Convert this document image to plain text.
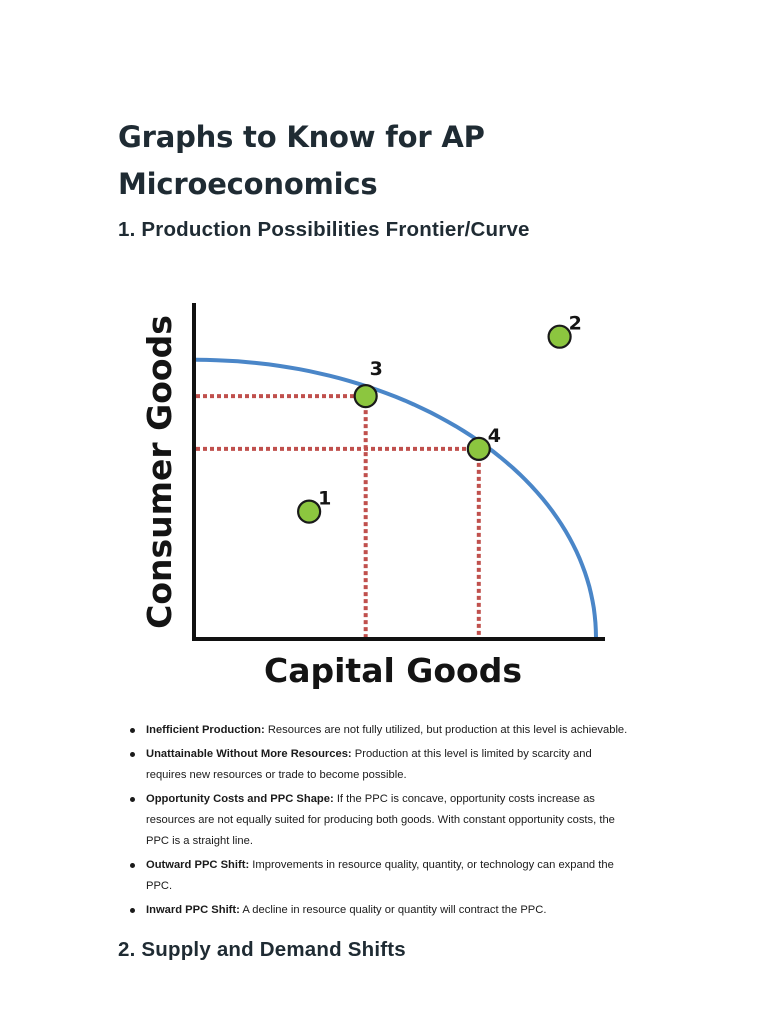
Graphs to Know for AP Microeconomics
1. Production Possibilities Frontier/Curve
1
2
3
4
Consumer Goods
Capital Goods
Inefficient Production: Resources are not fully utilized, but production at this level is achievable.
Unattainable Without More Resources: Production at this level is limited by scarcity and requires new resources or trade to become possible.
Opportunity Costs and PPC Shape: If the PPC is concave, opportunity costs increase as resources are not equally suited for producing both goods. With constant opportunity costs, the PPC is a straight line.
Outward PPC Shift: Improvements in resource quality, quantity, or technology can expand the PPC.
Inward PPC Shift: A decline in resource quality or quantity will contract the PPC.
2. Supply and Demand Shifts
